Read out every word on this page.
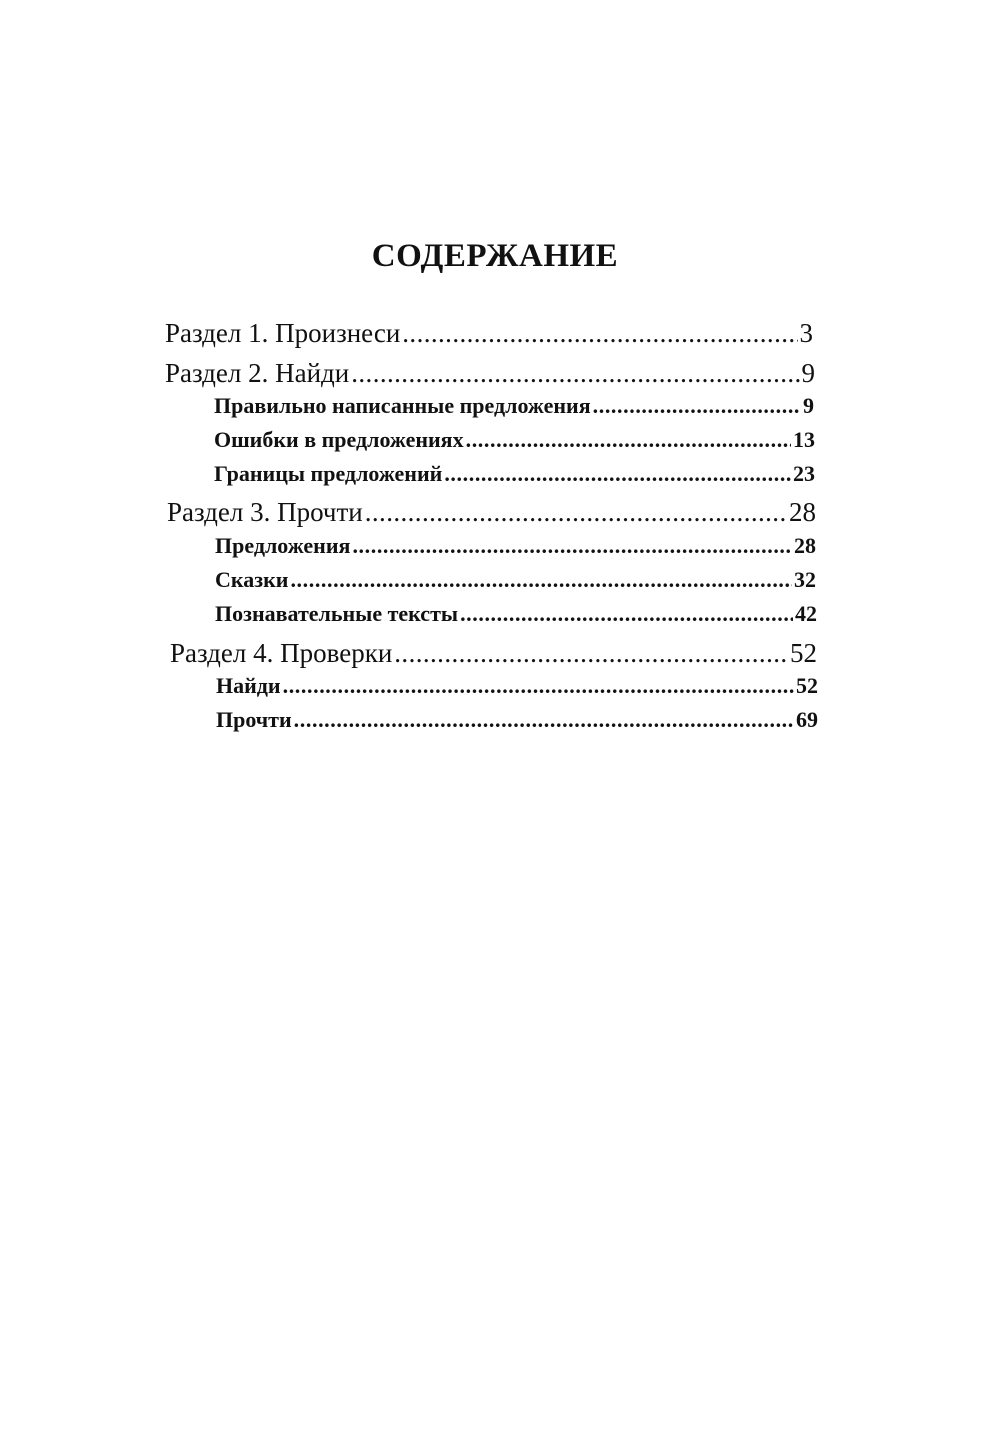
СОДЕРЖАНИЕ
Раздел 1. Произнеси .....	3
Раздел 2. Найди .....	9
Правильно написанные предложения .....	9
Ошибки в предложениях .....	13
Границы предложений .....	23
Раздел 3. Прочти .....	28
Предложения .....	28
Сказки .....	32
Познавательные тексты .....	42
Раздел 4. Проверки .....	52
Найди .....	52
Прочти .....	69
